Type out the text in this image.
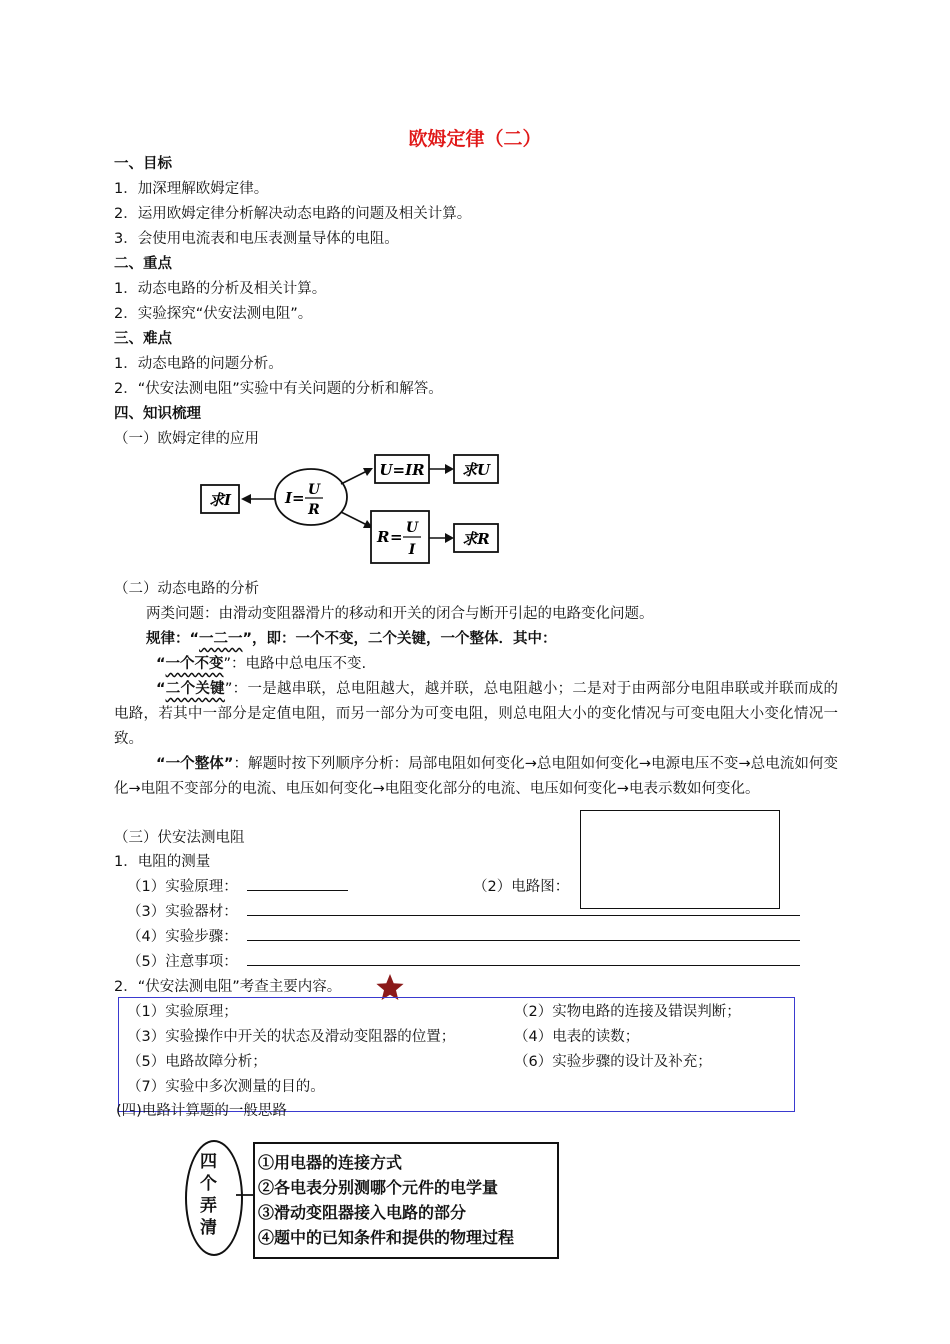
欧姆定律（二）
一、目标
1．加深理解欧姆定律。
2．运用欧姆定律分析解决动态电路的问题及相关计算。
3．会使用电流表和电压表测量导体的电阻。
二、重点
1．动态电路的分析及相关计算。
2．实验探究“伏安法测电阻”。
三、难点
1．动态电路的问题分析。
2．“伏安法测电阻”实验中有关问题的分析和解答。
四、知识梳理
（一）欧姆定律的应用
求I	I = U
R
U=IR 求U
R = U
I
求R
（二）动态电路的分析
两类问题：由滑动变阻器滑片的移动和开关的闭合与断开引起的电路变化问题。
规律：“一二一”，即：一个不变，二个关键，一个整体．其中：
“一个不变”：电路中总电压不变.
“二个关键”：一是越串联，总电阻越大，越并联，总电阻越小；二是对于由两部分电阻串联或并联而成的电路，若其中一部分是定值电阻，而另一部分为可变电阻，则总电阻大小的变化情况与可变电阻大小变化情况一致。
“一个整体”：解题时按下列顺序分析：局部电阻如何变化→总电阻如何变化→电源电压不变→总电流如何变化→电阻不变部分的电流、电压如何变化→电阻变化部分的电流、电压如何变化→电表示数如何变化。
（三）伏安法测电阻
1．电阻的测量
（1）实验原理：	（2）电路图：
（3）实验器材：
（4）实验步骤：
（5）注意事项：
2．“伏安法测电阻”考查主要内容。
（1）实验原理；	（2）实物电路的连接及错误判断；
（3）实验操作中开关的状态及滑动变阻器的位置；	（4）电表的读数；
（5）电路故障分析；	（6）实验步骤的设计及补充；
（7）实验中多次测量的目的。
(四)电路计算题的一般思路
四
个
弄
清
①用电器的连接方式
②各电表分别测哪个元件的电学量
③滑动变阻器接入电路的部分
④题中的已知条件和提供的物理过程
